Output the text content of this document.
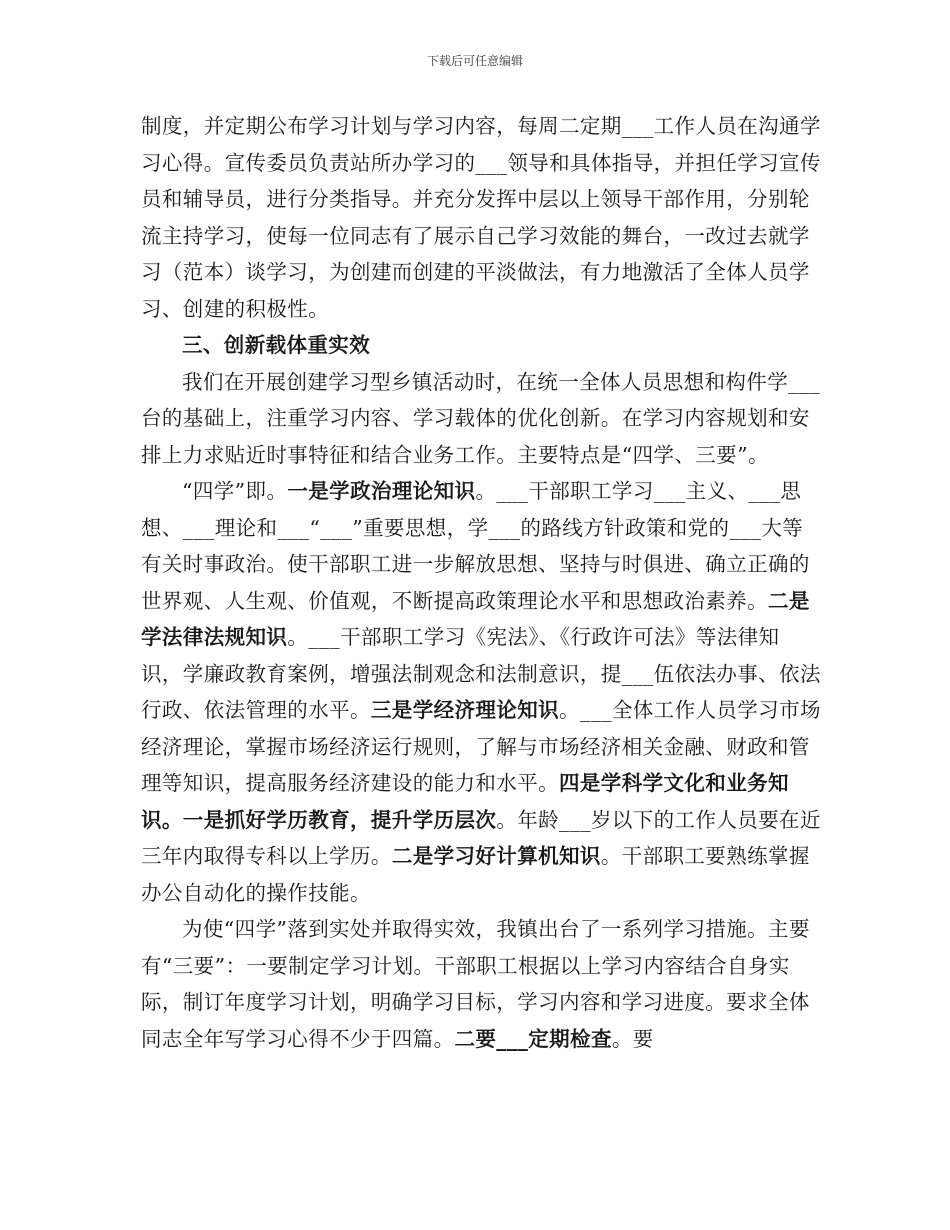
下载后可任意编辑

制度，并定期公布学习计划与学习内容，每周二定期___工作人员在沟通学习心得。宣传委员负责站所办学习的___领导和具体指导，并担任学习宣传员和辅导员，进行分类指导。并充分发挥中层以上领导干部作用，分别轮流主持学习，使每一位同志有了展示自己学习效能的舞台，一改过去就学习（范本）谈学习，为创建而创建的平淡做法，有力地激活了全体人员学习、创建的积极性。

三、创新载体重实效

我们在开展创建学习型乡镇活动时，在统一全体人员思想和构件学___台的基础上，注重学习内容、学习载体的优化创新。在学习内容规划和安排上力求贴近时事特征和结合业务工作。主要特点是“四学、三要”。

“四学”即。一是学政治理论知识。___干部职工学习___主义、___思想、___理论和___“___”重要思想，学___的路线方针政策和党的___大等有关时事政治。使干部职工进一步解放思想、坚持与时俱进、确立正确的世界观、人生观、价值观，不断提高政策理论水平和思想政治素养。二是学法律法规知识。___干部职工学习《宪法》、《行政许可法》等法律知识，学廉政教育案例，增强法制观念和法制意识，提___伍依法办事、依法行政、依法管理的水平。三是学经济理论知识。___全体工作人员学习市场经济理论，掌握市场经济运行规则，了解与市场经济相关金融、财政和管理等知识，提高服务经济建设的能力和水平。四是学科学文化和业务知识。一是抓好学历教育，提升学历层次。年龄___岁以下的工作人员要在近三年内取得专科以上学历。二是学习好计算机知识。干部职工要熟练掌握办公自动化的操作技能。

为使“四学”落到实处并取得实效，我镇出台了一系列学习措施。主要有“三要”：一要制定学习计划。干部职工根据以上学习内容结合自身实际，制订年度学习计划，明确学习目标，学习内容和学习进度。要求全体同志全年写学习心得不少于四篇。二要___定期检查。要
